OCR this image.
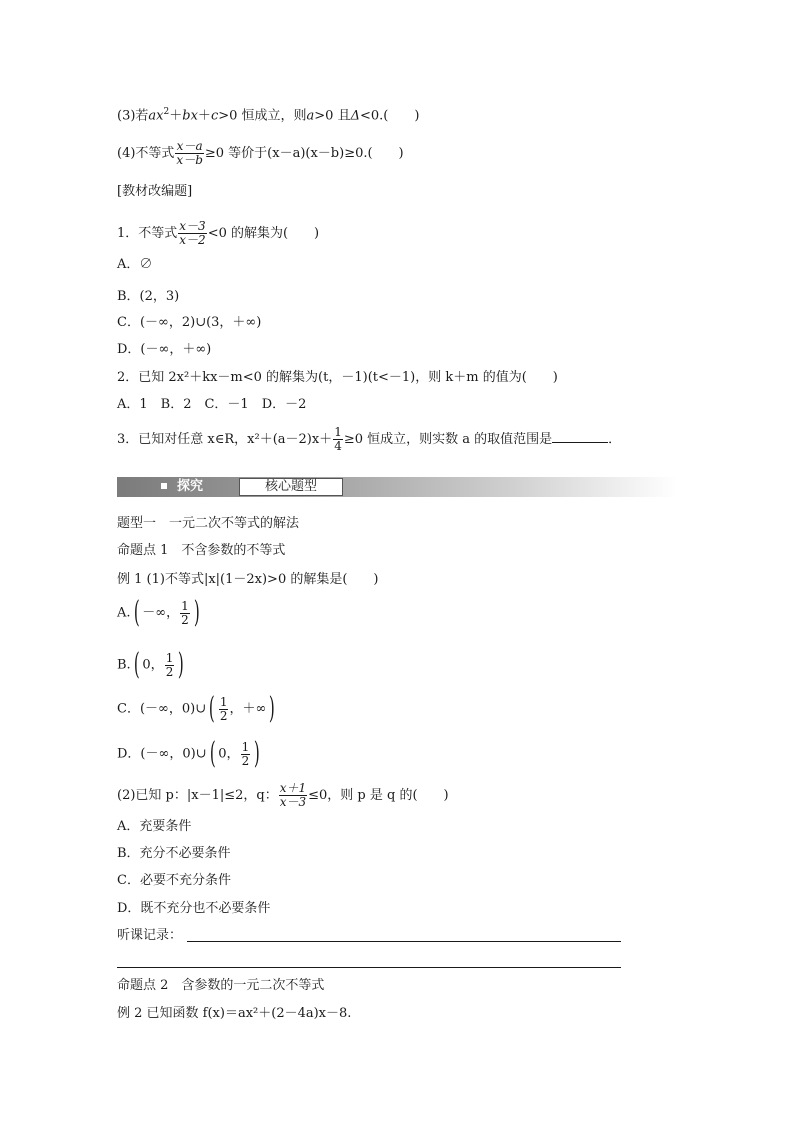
(3)若$ax^2+bx+c>0$ 恒成立，则a>0 且Δ<0.(　　)
(4)不等式 $\frac{x-a}{x-b} \ge 0$ 等价于(x－a)(x－b)≥0.(　　)
[教材改编题]
1．不等式 $\frac{x-3}{x-2} <0$ 的解集为(　　)
A．∅
B．(2，3)
C．(－∞，2)∪(3，＋∞)
D．(－∞，＋∞)
2．已知 2x²＋kx－m<0 的解集为(t，－1)(t<－1)，则 k＋m 的值为(　　)
A．1　B．2　C．－1　D．－2
3．已知对任意 x∈R，$x^2+(a-2)x+ \frac{1}{4} \ge 0$ 恒成立，则实数 a 的取值范围是	．
探究	核心题型
题型一　一元二次不等式的解法
命题点 1　不含参数的不等式
例 1 (1)不等式|x|(1－2x)>0 的解集是(　　)
A.( －∞， $\frac{1}{2}$ )
B.( 0， $\frac{1}{2}$ )
C．(－∞，0)∪( $\frac{1}{2}$ ，＋∞)
D．(－∞，0)∪( 0， $\frac{1}{2}$ )
(2)已知 p：|x－1|≤2，q： $\frac{x+1}{x-3} \le 0$，则 p 是 q 的(　　)
A．充要条件
B．充分不必要条件
C．必要不充分条件
D．既不充分也不必要条件
听课记录：
命题点 2　含参数的一元二次不等式
例 2 已知函数 f(x)＝ax²＋(2－4a)x－8.
